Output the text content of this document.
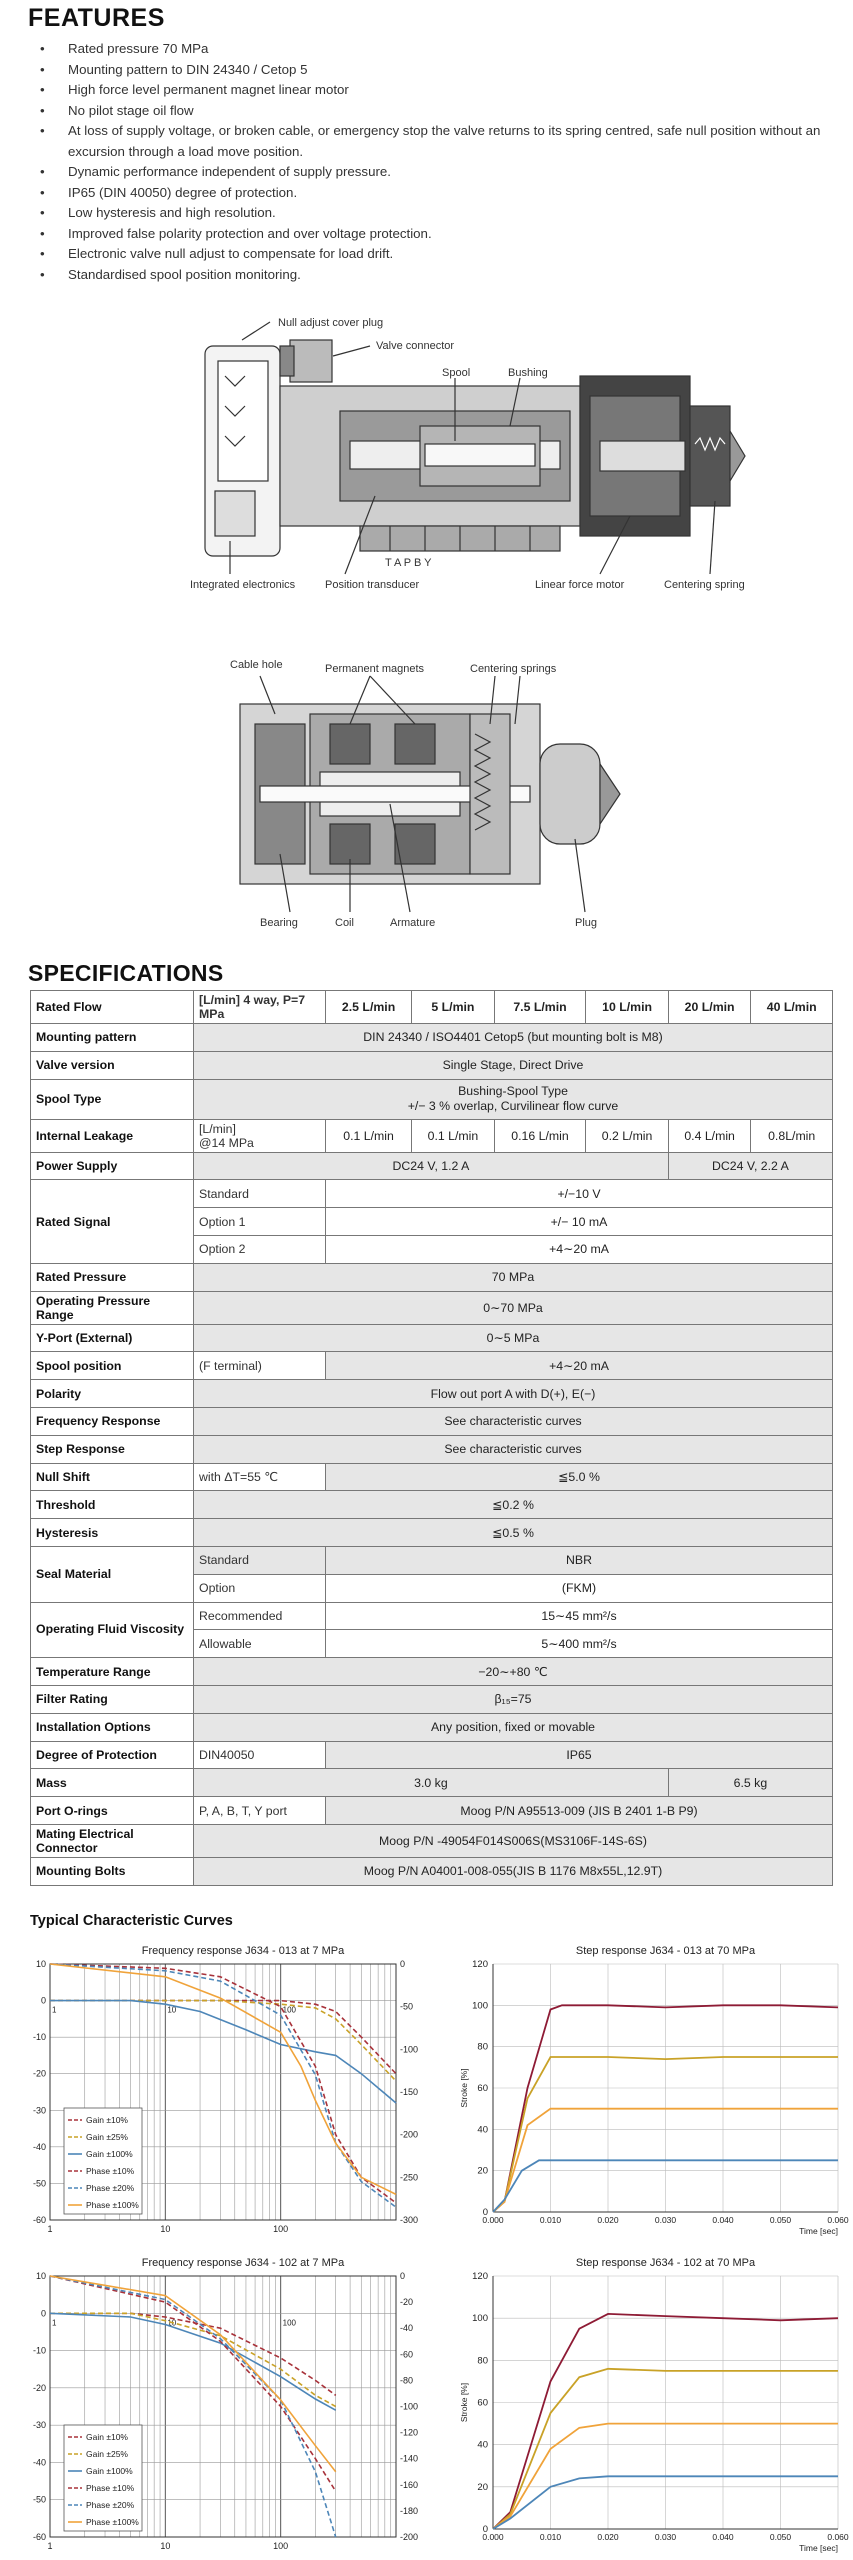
FEATURES
• Rated pressure 70 MPa
• Mounting pattern to DIN 24340 / Cetop 5
• High force level permanent magnet linear motor
• No pilot stage oil flow
• At loss of supply voltage, or broken cable, or emergency stop the valve returns to its spring centred, safe null position without an excursion through a load move position.
• Dynamic performance independent of supply pressure.
• IP65 (DIN 40050) degree of protection.
• Low hysteresis and high resolution.
• Improved false polarity protection and over voltage protection.
• Electronic valve null adjust to compensate for load drift.
• Standardised spool position monitoring.
Null adjust cover plug
Valve connector
Spool	Bushing
T A P B Y
Integrated electronics	Position transducer	Linear force motor	Centering spring
Cable hole	Permanent magnets	Centering springs
Bearing	Coil	Armature	Plug
SPECIFICATIONS
Rated Flow	[L/min] 4 way, P=7 MPa	2.5 L/min	5 L/min	7.5 L/min	10 L/min	20 L/min	40 L/min
Mounting pattern	DIN 24340 / ISO4401 Cetop5 (but mounting bolt is M8)						
Valve version	Single Stage, Direct Drive						
Spool Type	Bushing-Spool Type
+/− 3 % overlap, Curvilinear flow curve						

Internal Leakage	[L/min]
@14 MPa	0.1 L/min	0.1 L/min	0.16 L/min	0.2 L/min	0.4 L/min	0.8L/min
Power Supply	DC24 V, 1.2 A					DC24 V, 2.2 A	
Rated Signal	Standard	+/−10 V					
	Option 1	+/− 10 mA					
	Option 2	+4∼20 mA					
Rated Pressure	70 MPa						
Operating Pressure Range	0∼70 MPa						
Y-Port (External)	0∼5 MPa						
Spool position	(F terminal)	+4∼20 mA					
Polarity	Flow out port A with D(+), E(−)						
Frequency Response	See characteristic curves						
Step Response	See characteristic curves						
Null Shift	with ΔT=55 ℃	≦5.0 %					
Threshold	≦0.2 %						
Hysteresis	≦0.5 %						
Seal Material	Standard	NBR					
	Option	(FKM)					
Operating Fluid Viscosity	Recommended	15∼45 mm²/s					
	Allowable	5∼400 mm²/s					
Temperature Range	−20∼+80 ℃						
Filter Rating	β₁₅=75						
Installation Options	Any position, fixed or movable						
Degree of Protection	DIN40050	IP65					
Mass	3.0 kg					6.5 kg	
Port O-rings	P, A, B, T, Y port	Moog P/N A95513-009 (JIS B 2401 1-B P9)					
Mating Electrical Connector	Moog P/N -49054F014S006S(MS3106F-14S-6S)						
Mounting Bolts	Moog P/N A04001-008-055(JIS B 1176 M8x55L,12.9T)						
Typical Characteristic Curves
Frequency response J634 - 013 at 7 MPa
10
0
-10
-20
-30
-40
-50
-60	-300
-250
-200
-150
-100
-50
0
1	10	100
1	10	100
Gain ±10%
Gain ±25%
Gain ±100%
Phase ±10%
Phase ±20%
Phase ±100%
Step response J634 - 013 at 70 MPa
0
20
40
60
80
100
120
0.000	0.010	0.020	0.030	0.040	0.050	0.060
Stroke [%]
Time [sec]
Frequency response J634 - 102 at 7 MPa
10
0
-10
-20
-30
-40
-50
-60	-200
-180
-160
-140
-120
-100
-80
-60
-40
-20
0
1	10	100
1	10	100
Gain ±10%
Gain ±25%
Gain ±100%
Phase ±10%
Phase ±20%
Phase ±100%
Step response J634 - 102 at 70 MPa
0
20
40
60
80
100
120
0.000	0.010	0.020	0.030	0.040	0.050	0.060
Stroke [%]
Time [sec]
